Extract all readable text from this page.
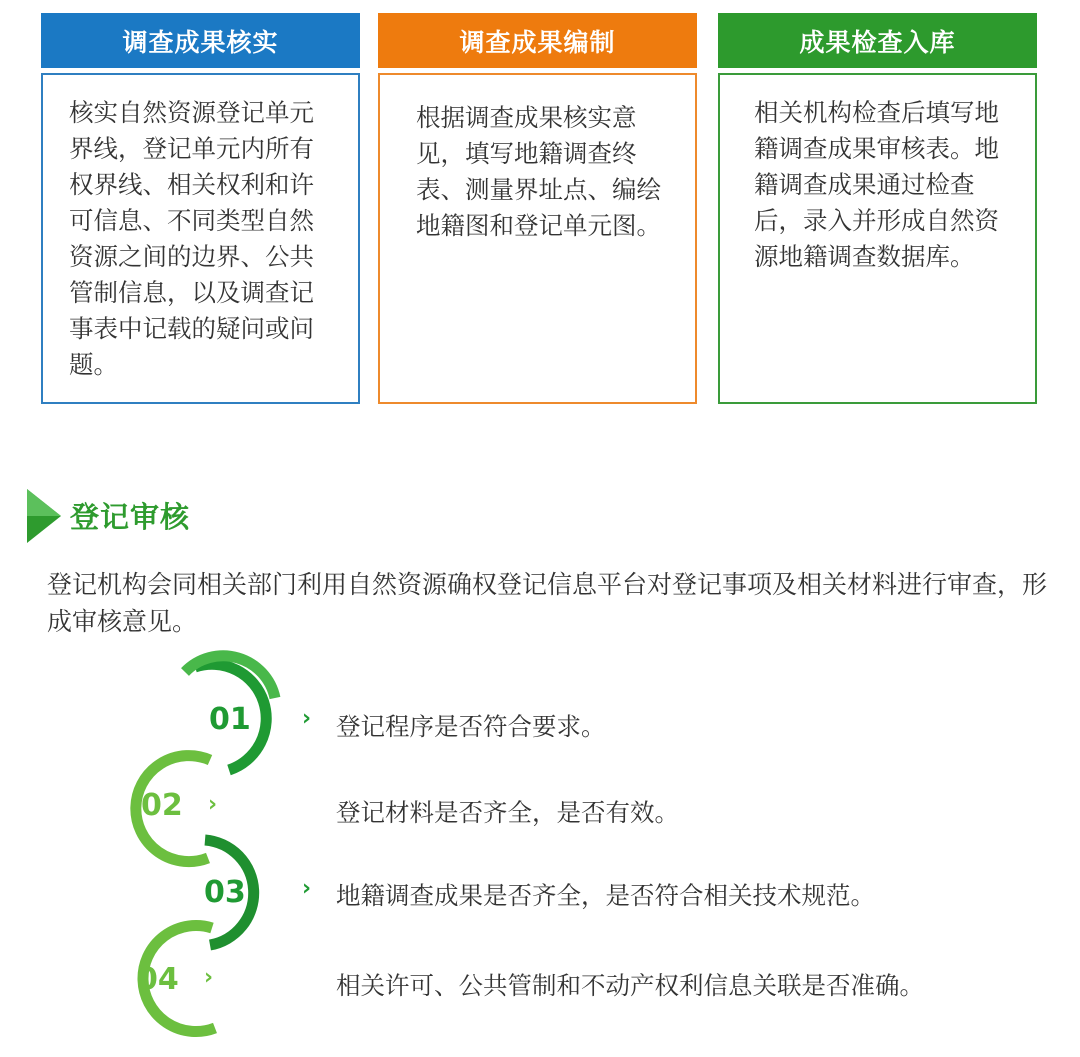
调查成果核实
核实自然资源登记单元界线，登记单元内所有权界线、相关权利和许可信息、不同类型自然资源之间的边界、公共管制信息，以及调查记事表中记载的疑问或问题。
调查成果编制
根据调查成果核实意见，填写地籍调查终表、测量界址点、编绘地籍图和登记单元图。
成果检查入库
相关机构检查后填写地籍调查成果审核表。地籍调查成果通过检查后，录入并形成自然资源地籍调查数据库。
登记审核
登记机构会同相关部门利用自然资源确权登记信息平台对登记事项及相关材料进行审查，形成审核意见。
01 › 登记程序是否符合要求。
02 ›	登记材料是否齐全，是否有效。
03	› 地籍调查成果是否齐全，是否符合相关技术规范。
04 ›	相关许可、公共管制和不动产权利信息关联是否准确。
